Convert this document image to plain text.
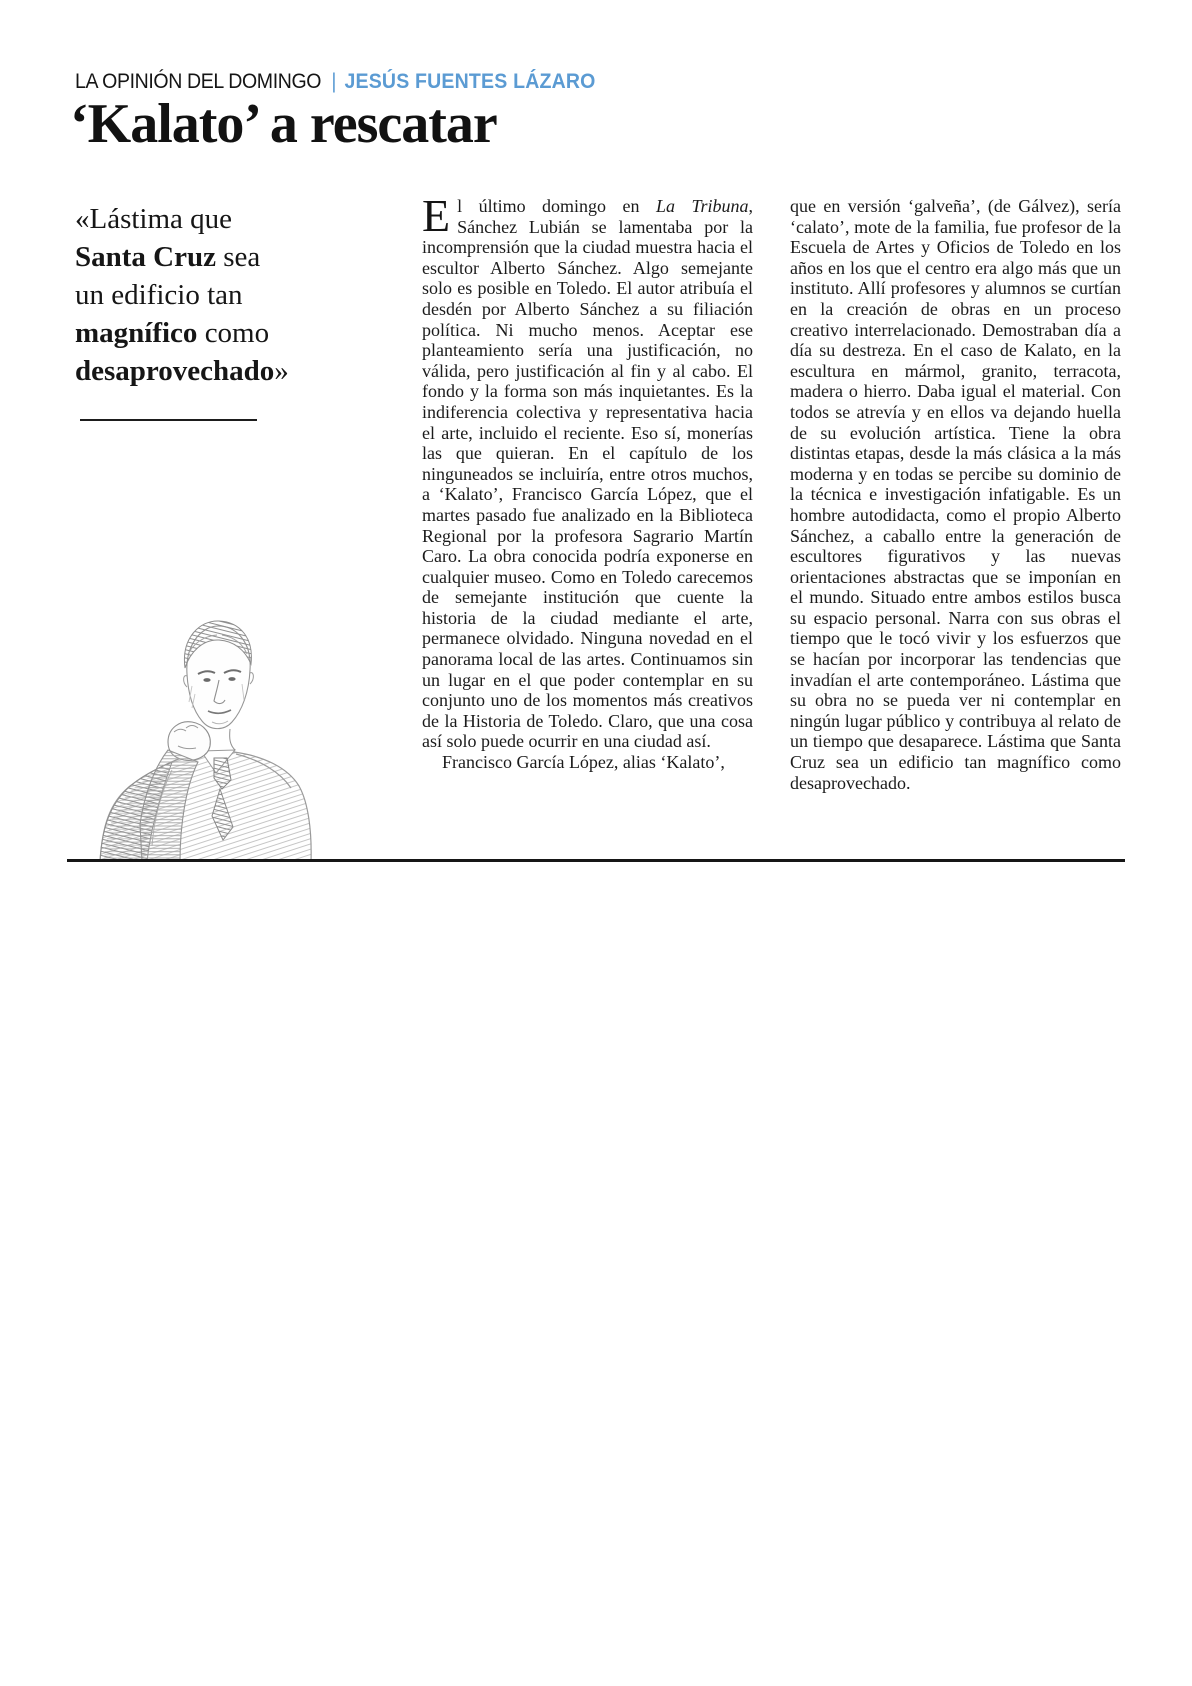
LA OPINIÓN DEL DOMINGO | JESÚS FUENTES LÁZARO
‘Kalato’ a rescatar
«Lástima que Santa Cruz sea un edificio tan magnífico como desaprovechado»

El último domingo en La Tribuna, Sánchez Lubián se lamentaba por la incomprensión que la ciudad muestra hacia el escultor Alberto Sánchez. Algo semejante solo es posible en Toledo. El autor atribuía el desdén por Alberto Sánchez a su filiación política. Ni mucho menos. Aceptar ese planteamiento sería una justificación, no válida, pero justificación al fin y al cabo. El fondo y la forma son más inquietantes. Es la indiferencia colectiva y representativa hacia el arte, incluido el reciente. Eso sí, monerías las que quieran. En el capítulo de los ninguneados se incluiría, entre otros muchos, a ‘Kalato’, Francisco García López, que el martes pasado fue analizado en la Biblioteca Regional por la profesora Sagrario Martín Caro. La obra conocida podría exponerse en cualquier museo. Como en Toledo carecemos de semejante institución que cuente la historia de la ciudad mediante el arte, permanece olvidado. Ninguna novedad en el panorama local de las artes. Continuamos sin un lugar en el que poder contemplar en su conjunto uno de los momentos más creativos de la Historia de Toledo. Claro, que una cosa así solo puede ocurrir en una ciudad así.

Francisco García López, alias ‘Kalato’,

que en versión ‘galveña’, (de Gálvez), sería ‘calato’, mote de la familia, fue profesor de la Escuela de Artes y Oficios de Toledo en los años en los que el centro era algo más que un instituto. Allí profesores y alumnos se curtían en la creación de obras en un proceso creativo interrelacionado. Demostraban día a día su destreza. En el caso de Kalato, en la escultura en mármol, granito, terracota, madera o hierro. Daba igual el material. Con todos se atrevía y en ellos va dejando huella de su evolución artística. Tiene la obra distintas etapas, desde la más clásica a la más moderna y en todas se percibe su dominio de la técnica e investigación infatigable. Es un hombre autodidacta, como el propio Alberto Sánchez, a caballo entre la generación de escultores figurativos y las nuevas orientaciones abstractas que se imponían en el mundo. Situado entre ambos estilos busca su espacio personal. Narra con sus obras el tiempo que le tocó vivir y los esfuerzos que se hacían por incorporar las tendencias que invadían el arte contemporáneo. Lástima que su obra no se pueda ver ni contemplar en ningún lugar público y contribuya al relato de un tiempo que desaparece. Lástima que Santa Cruz sea un edificio tan magnífico como desaprovechado.
